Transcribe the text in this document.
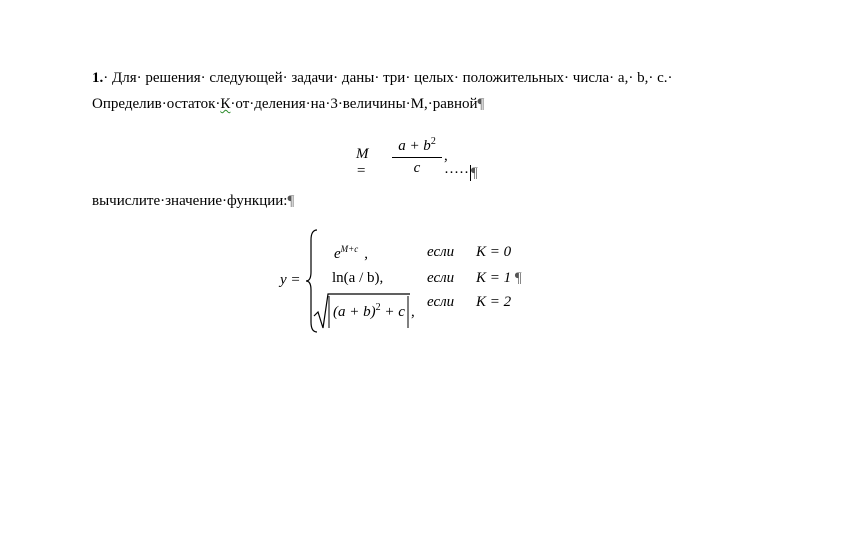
1.· Для· решения· следующей· задачи· даны· три· целых· положительных· числа· a,· b,· c.·
Определив·остаток·К·от·деления·на·3·величины·М,·равной¶
M =
$a + b^2$
c
, ····· ¶
вычислите·значение·функции:¶
y =
$e^{M+c}$ ,	если K = 0
ln(a / b),	если K = 1 ¶
$(a + b)^2 + c$ ,
если K = 2
